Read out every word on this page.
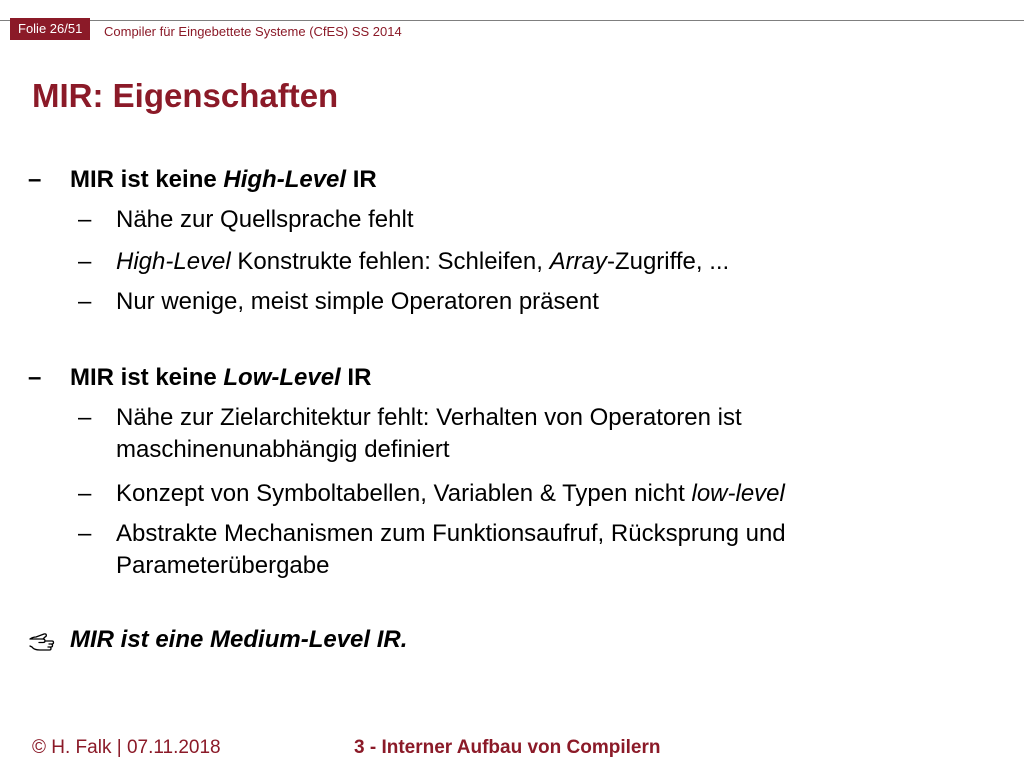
Folie 26/51	Compiler für Eingebettete Systeme (CfES) SS 2014
MIR: Eigenschaften
– MIR ist keine High-Level IR
– Nähe zur Quellsprache fehlt
– High-Level Konstrukte fehlen: Schleifen, Array-Zugriffe, ...
– Nur wenige, meist simple Operatoren präsent
– MIR ist keine Low-Level IR
– Nähe zur Zielarchitektur fehlt: Verhalten von Operatoren ist
maschinenunabhängig definiert
– Konzept von Symboltabellen, Variablen & Typen nicht low-level
– Abstrakte Mechanismen zum Funktionsaufruf, Rücksprung und
Parameterübergabe
MIR ist eine Medium-Level IR.
© H. Falk | 07.11.2018	3 - Interner Aufbau von Compilern
